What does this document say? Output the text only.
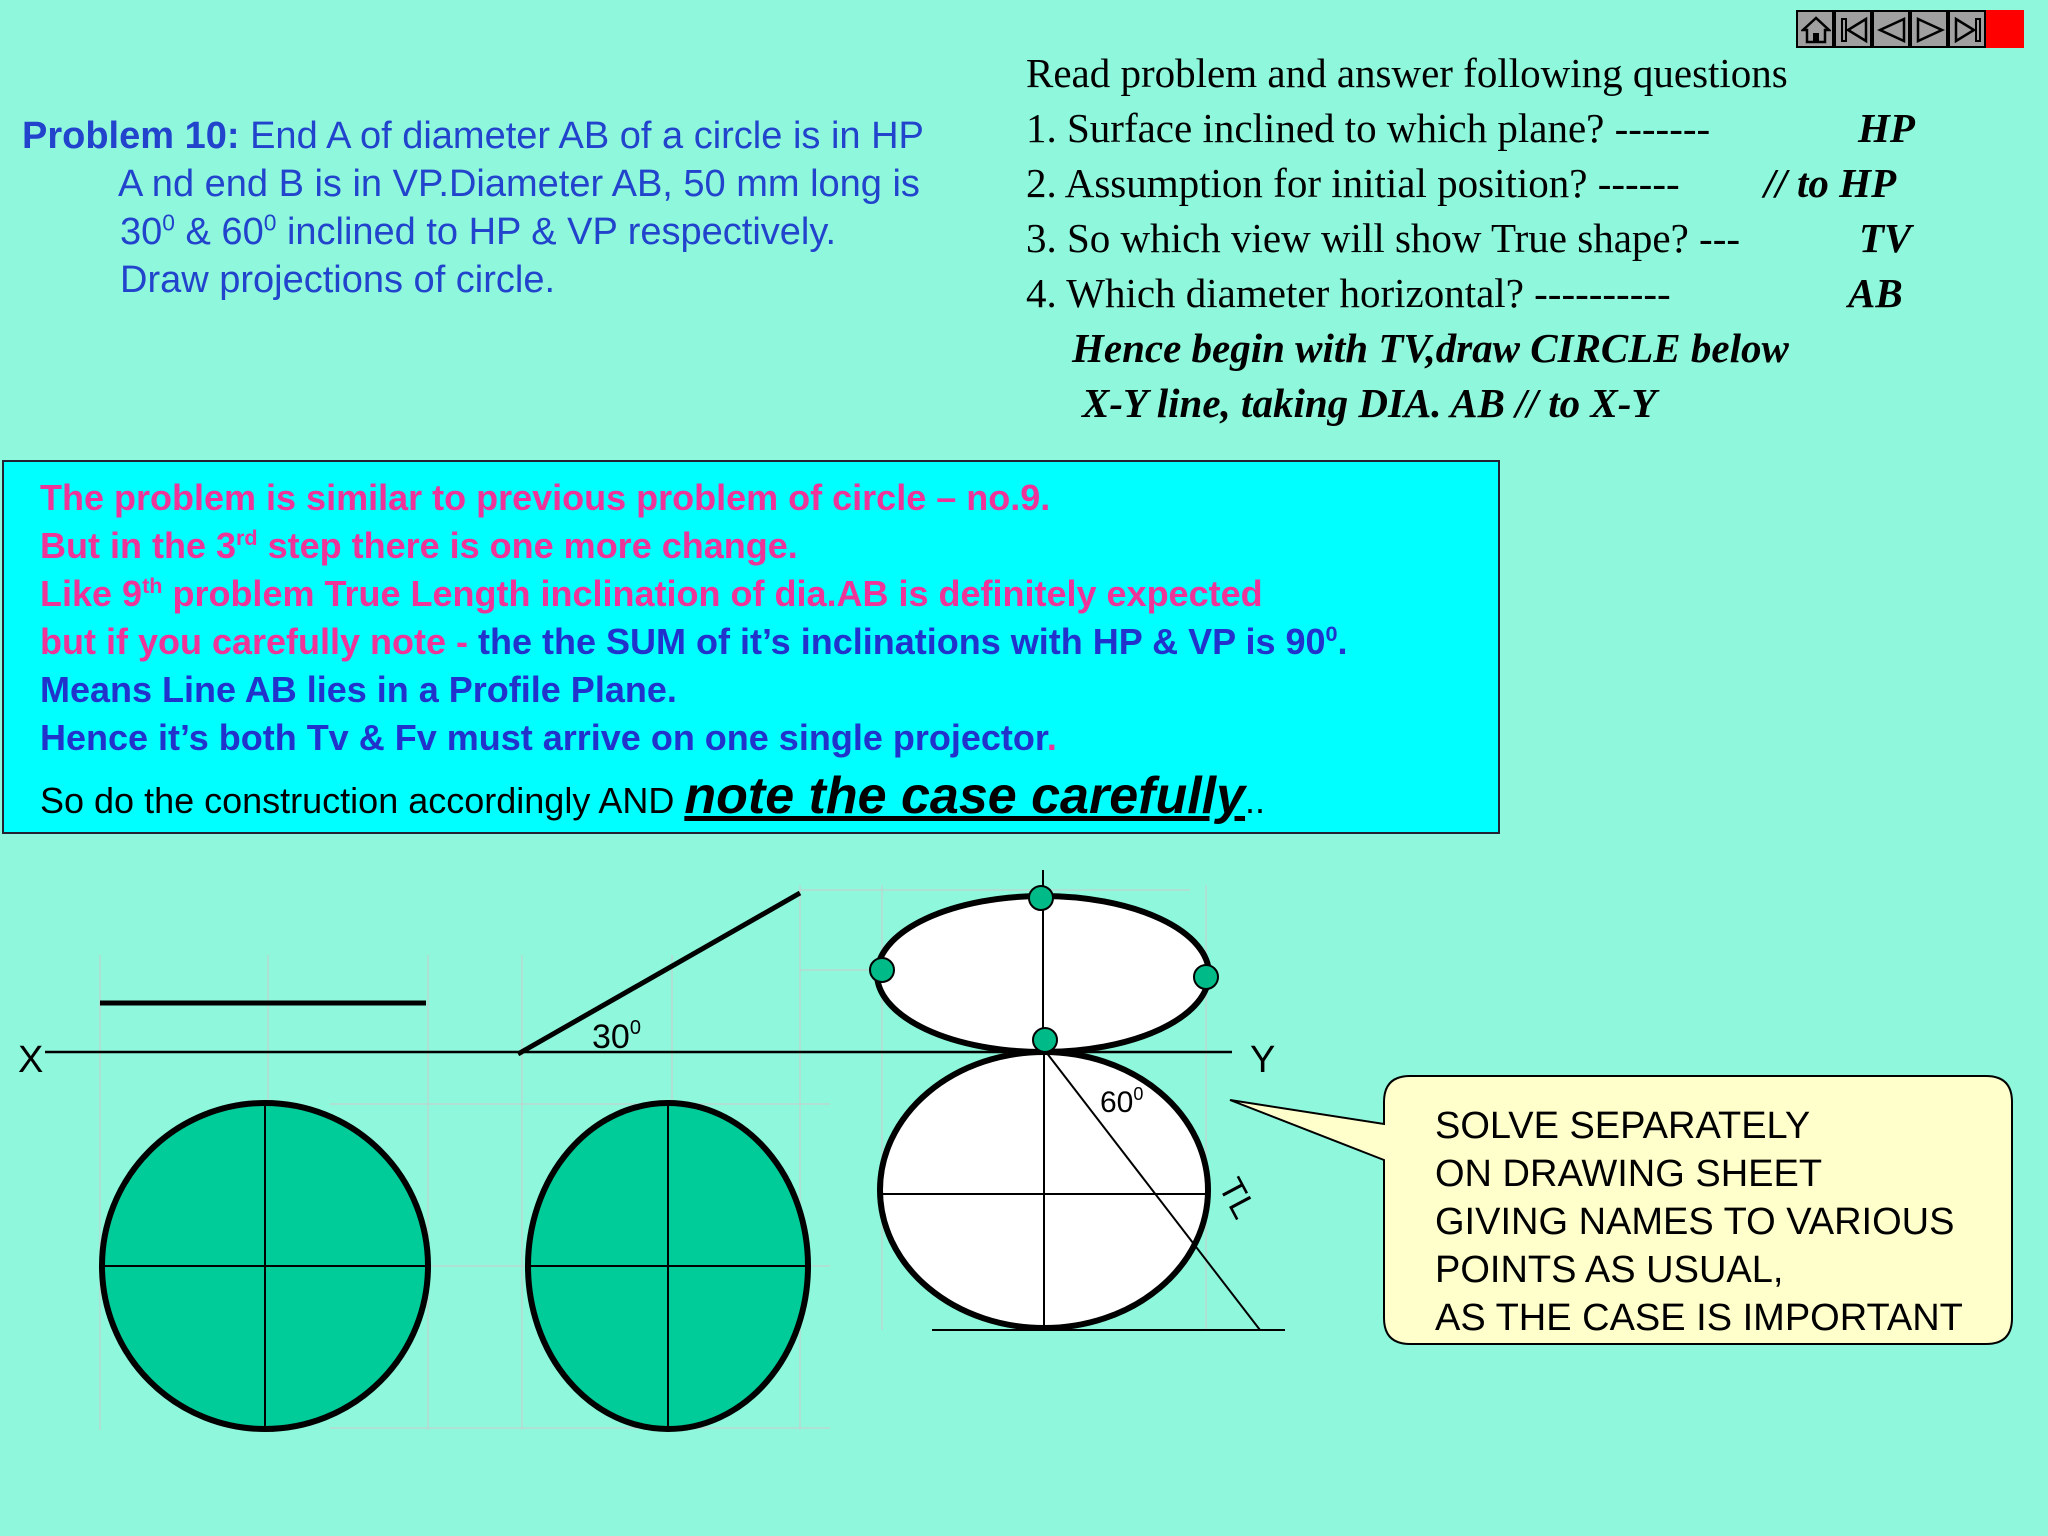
Problem 10: End A of diameter AB of a circle is in HP
A nd end B is in VP.Diameter AB, 50 mm long is
$30^0$ & $60^0$ inclined to HP & VP respectively.
Draw projections of circle.
Read problem and answer following questions
1. Surface inclined to which plane? -------	HP
2. Assumption for initial position? ------ // to HP
3. So which view will show True shape? ---	TV
4. Which diameter horizontal? ----------	AB
Hence begin with TV,draw CIRCLE below
X-Y line, taking DIA. AB // to X-Y
The problem is similar to previous problem of circle – no.9.
But in the 3rd step there is one more change.
Like 9th problem True Length inclination of dia.AB is definitely expected
but if you carefully note - the the SUM of it’s inclinations with HP & VP is $90^0$.
Means Line AB lies in a Profile Plane.
Hence it’s both Tv & Fv must arrive on one single projector.
So do the construction accordingly AND note the case carefully..
X	Y
$30^0$
$60^0$
TL
SOLVE SEPARATELY
ON DRAWING SHEET
GIVING NAMES TO VARIOUS
POINTS AS USUAL,
AS THE CASE IS IMPORTANT
